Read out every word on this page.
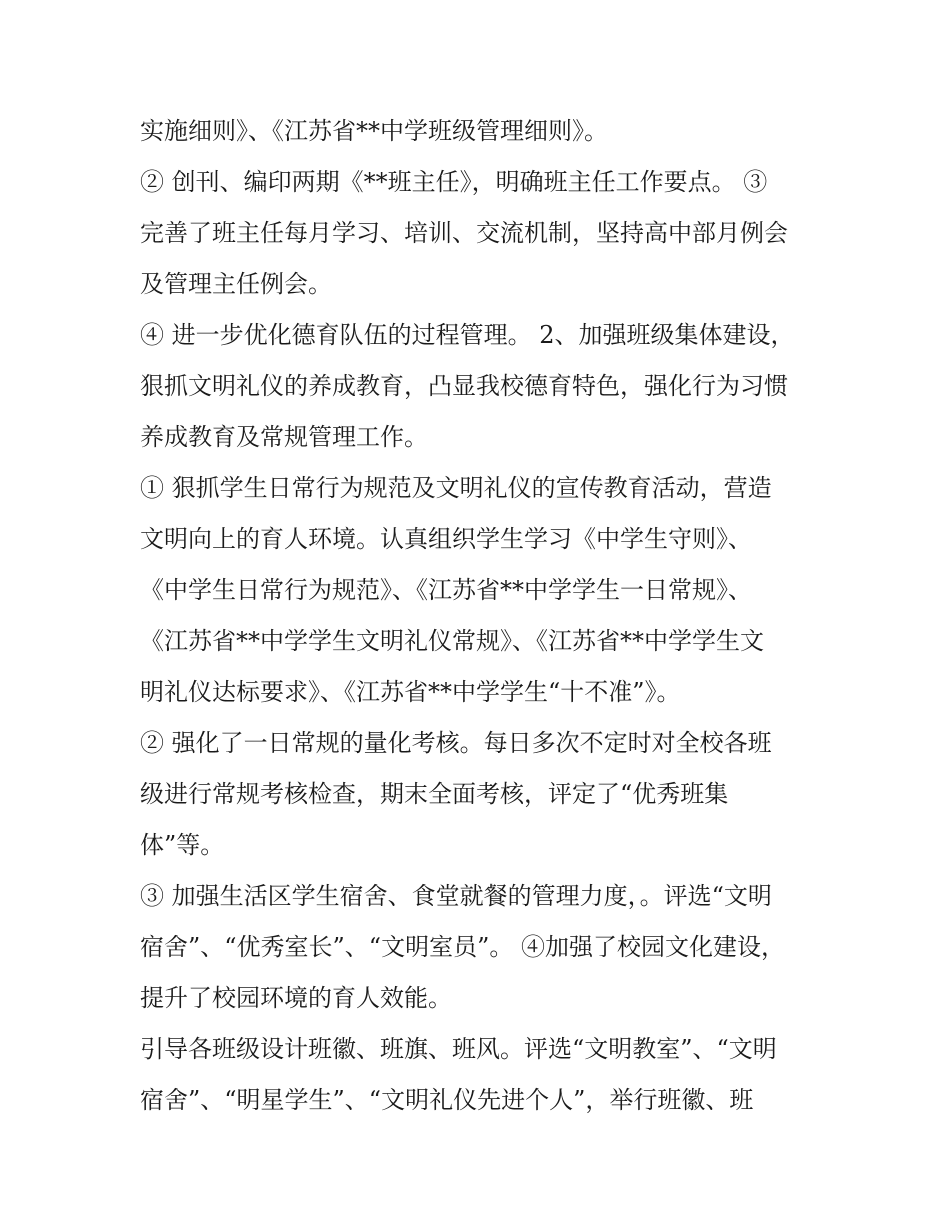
实施细则》、《江苏省**中学班级管理细则》。
② 创刊、编印两期《**班主任》，明确班主任工作要点。 ③
完善了班主任每月学习、培训、交流机制，坚持高中部月例会
及管理主任例会。
④ 进一步优化德育队伍的过程管理。 2、加强班级集体建设，
狠抓文明礼仪的养成教育，凸显我校德育特色，强化行为习惯
养成教育及常规管理工作。
① 狠抓学生日常行为规范及文明礼仪的宣传教育活动，营造
文明向上的育人环境。认真组织学生学习《中学生守则》、
《中学生日常行为规范》、《江苏省**中学学生一日常规》、
《江苏省**中学学生文明礼仪常规》、《江苏省**中学学生文
明礼仪达标要求》、《江苏省**中学学生“十不准”》。
② 强化了一日常规的量化考核。每日多次不定时对全校各班
级进行常规考核检查，期末全面考核，评定了“优秀班集
体”等。
③ 加强生活区学生宿舍、食堂就餐的管理力度，。评选“文明
宿舍”、“优秀室长”、“文明室员”。 ④加强了校园文化建设，
提升了校园环境的育人效能。
引导各班级设计班徽、班旗、班风。评选“文明教室”、“文明
宿舍”、“明星学生”、“文明礼仪先进个人”，举行班徽、班
